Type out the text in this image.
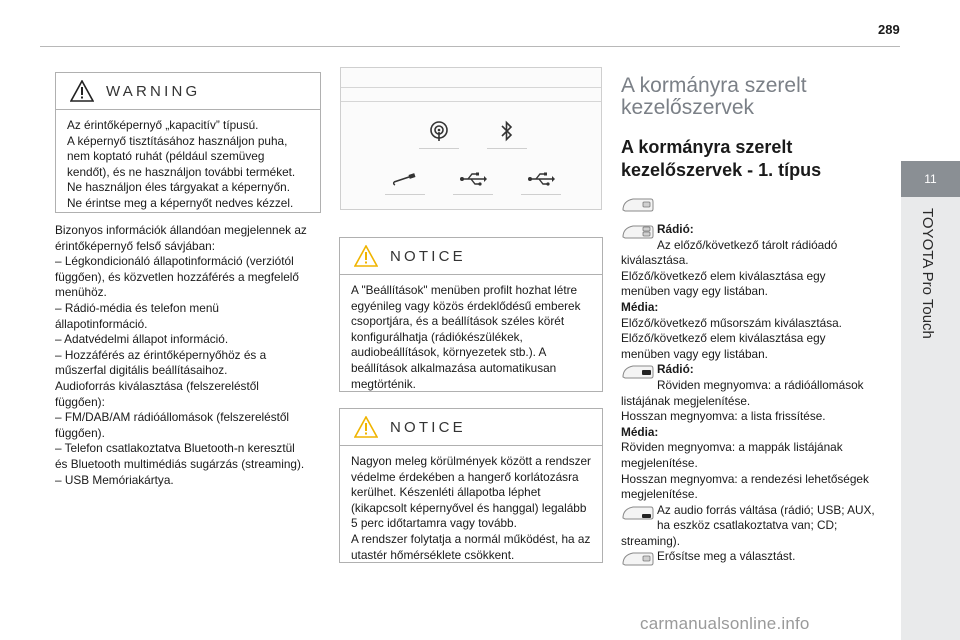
289
11
TOYOTA Pro Touch
WARNING
Az érintőképernyő „kapacitív” típusú.
A képernyő tisztításához használjon puha,
nem koptató ruhát (például szemüveg
kendőt), és ne használjon további terméket.
Ne használjon éles tárgyakat a képernyőn.
Ne érintse meg a képernyőt nedves kézzel.
Bizonyos információk állandóan megjelennek az
érintőképernyő felső sávjában:
– Légkondicionáló állapotinformáció (verziótól
függően), és közvetlen hozzáférés a megfelelő
menühöz.
– Rádió-média és telefon menü
állapotinformáció.
– Adatvédelmi állapot információ.
– Hozzáférés az érintőképernyőhöz és a
műszerfal digitális beállításaihoz.
Audioforrás kiválasztása (felszereléstől
függően):
– FM/DAB/AM rádióállomások (felszereléstől
függően).
– Telefon csatlakoztatva Bluetooth-n keresztül
és Bluetooth multimédiás sugárzás (streaming).
– USB Memóriakártya.
NOTICE
A "Beállítások" menüben profilt hozhat létre
egyénileg vagy közös érdeklődésű emberek
csoportjára, és a beállítások széles körét
konfigurálhatja (rádiókészülékek,
audiobeállítások, környezetek stb.). A
beállítások alkalmazása automatikusan
megtörténik.
NOTICE
Nagyon meleg körülmények között a rendszer
védelme érdekében a hangerő korlátozásra
kerülhet. Készenléti állapotba léphet
(kikapcsolt képernyővel és hanggal) legalább
5 perc időtartamra vagy tovább.
A rendszer folytatja a normál működést, ha az
utastér hőmérséklete csökkent.
A kormányra szerelt
kezelőszervek
A kormányra szerelt
kezelőszervek - 1. típus
Rádió:
Az előző/következő tárolt rádióadó
kiválasztása.
Előző/következő elem kiválasztása egy
menüben vagy egy listában.
Média:
Előző/következő műsorszám kiválasztása.
Előző/következő elem kiválasztása egy
menüben vagy egy listában.
Rádió:
Röviden megnyomva: a rádióállomások
listájának megjelenítése.
Hosszan megnyomva: a lista frissítése.
Média:
Röviden megnyomva: a mappák listájának
megjelenítése.
Hosszan megnyomva: a rendezési lehetőségek
megjelenítése.
Az audio forrás váltása (rádió; USB; AUX,
ha eszköz csatlakoztatva van; CD;
streaming).
Erősítse meg a választást.
carmanualsonline.info
